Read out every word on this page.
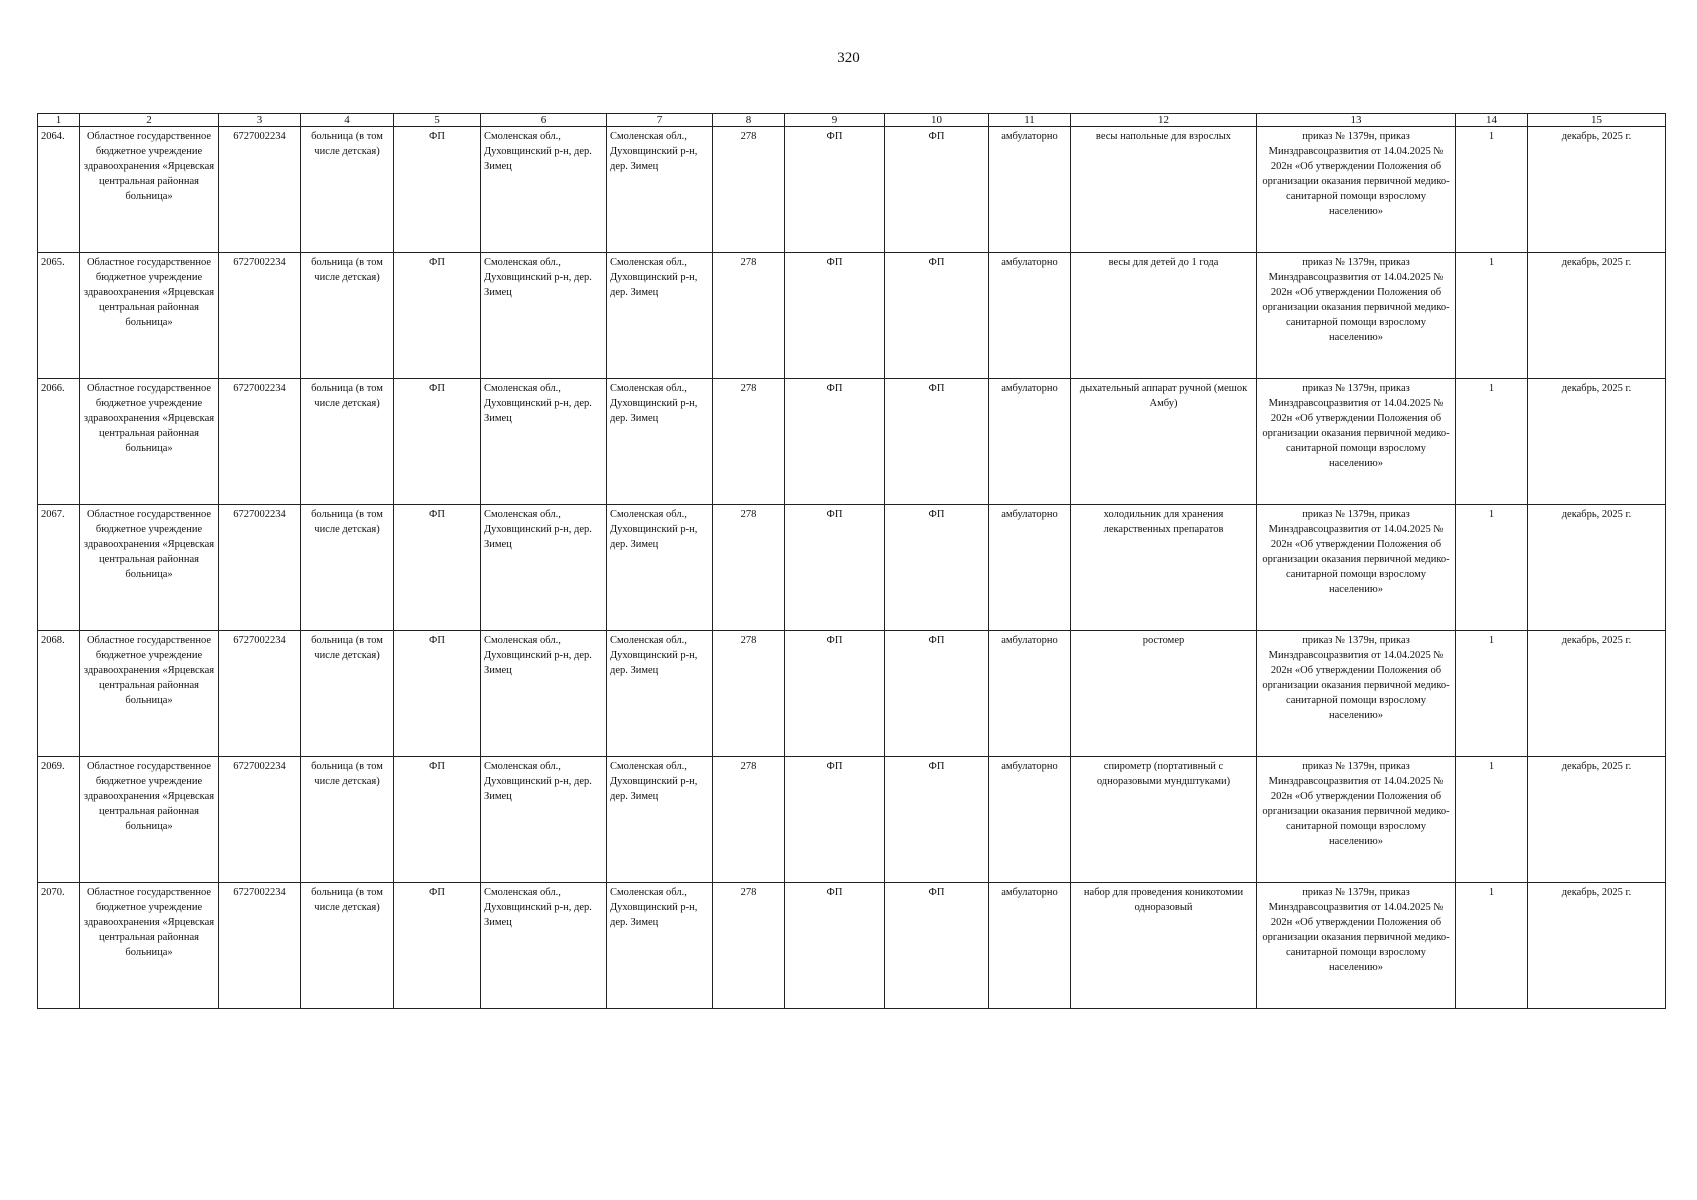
320
1	2	3	4	5	6	7	8	9	10	11	12	13	14	15
2064.	Областное государственное бюджетное учреждение здравоохранения «Ярцевская центральная районная больница»	6727002234	больница (в том числе детская)	ФП	Смоленская обл., Духовщинский р-н, дер. Зимец	Смоленская обл., Духовщинский р-н, дер. Зимец	278	ФП	ФП	амбулаторно	весы напольные для взрослых	приказ № 1379н, приказ Минздравсоцразвития от 14.04.2025 № 202н «Об утверждении Положения об организации оказания первичной медико-санитарной помощи взрослому населению»	1	декабрь, 2025 г.
2065.	Областное государственное бюджетное учреждение здравоохранения «Ярцевская центральная районная больница»	6727002234	больница (в том числе детская)	ФП	Смоленская обл., Духовщинский р-н, дер. Зимец	Смоленская обл., Духовщинский р-н, дер. Зимец	278	ФП	ФП	амбулаторно	весы для детей до 1 года	приказ № 1379н, приказ Минздравсоцразвития от 14.04.2025 № 202н «Об утверждении Положения об организации оказания первичной медико-санитарной помощи взрослому населению»	1	декабрь, 2025 г.
2066.	Областное государственное бюджетное учреждение здравоохранения «Ярцевская центральная районная больница»	6727002234	больница (в том числе детская)	ФП	Смоленская обл., Духовщинский р-н, дер. Зимец	Смоленская обл., Духовщинский р-н, дер. Зимец	278	ФП	ФП	амбулаторно	дыхательный аппарат ручной (мешок Амбу)	приказ № 1379н, приказ Минздравсоцразвития от 14.04.2025 № 202н «Об утверждении Положения об организации оказания первичной медико-санитарной помощи взрослому населению»	1	декабрь, 2025 г.
2067.	Областное государственное бюджетное учреждение здравоохранения «Ярцевская центральная районная больница»	6727002234	больница (в том числе детская)	ФП	Смоленская обл., Духовщинский р-н, дер. Зимец	Смоленская обл., Духовщинский р-н, дер. Зимец	278	ФП	ФП	амбулаторно	холодильник для хранения лекарственных препаратов	приказ № 1379н, приказ Минздравсоцразвития от 14.04.2025 № 202н «Об утверждении Положения об организации оказания первичной медико-санитарной помощи взрослому населению»	1	декабрь, 2025 г.
2068.	Областное государственное бюджетное учреждение здравоохранения «Ярцевская центральная районная больница»	6727002234	больница (в том числе детская)	ФП	Смоленская обл., Духовщинский р-н, дер. Зимец	Смоленская обл., Духовщинский р-н, дер. Зимец	278	ФП	ФП	амбулаторно	ростомер	приказ № 1379н, приказ Минздравсоцразвития от 14.04.2025 № 202н «Об утверждении Положения об организации оказания первичной медико-санитарной помощи взрослому населению»	1	декабрь, 2025 г.
2069.	Областное государственное бюджетное учреждение здравоохранения «Ярцевская центральная районная больница»	6727002234	больница (в том числе детская)	ФП	Смоленская обл., Духовщинский р-н, дер. Зимец	Смоленская обл., Духовщинский р-н, дер. Зимец	278	ФП	ФП	амбулаторно	спирометр (портативный с одноразовыми мундштуками)	приказ № 1379н, приказ Минздравсоцразвития от 14.04.2025 № 202н «Об утверждении Положения об организации оказания первичной медико-санитарной помощи взрослому населению»	1	декабрь, 2025 г.
2070.	Областное государственное бюджетное учреждение здравоохранения «Ярцевская центральная районная больница»	6727002234	больница (в том числе детская)	ФП	Смоленская обл., Духовщинский р-н, дер. Зимец	Смоленская обл., Духовщинский р-н, дер. Зимец	278	ФП	ФП	амбулаторно	набор для проведения коникотомии одноразовый	приказ № 1379н, приказ Минздравсоцразвития от 14.04.2025 № 202н «Об утверждении Положения об организации оказания первичной медико-санитарной помощи взрослому населению»	1	декабрь, 2025 г.
